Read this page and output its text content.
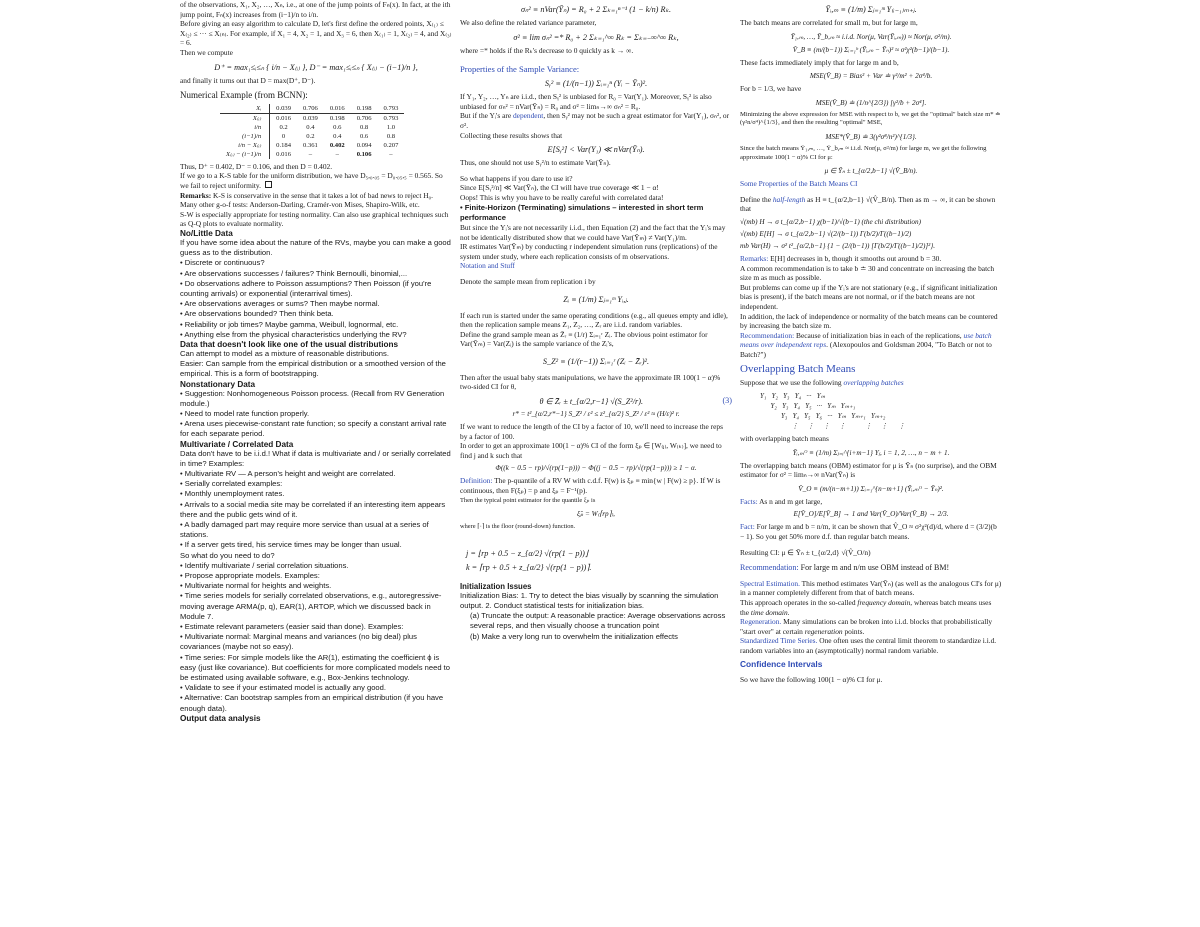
of the observations, X₁, X₂, …, Xₙ, i.e., at one of the jump points of Fₙ(x). In fact, at the ith jump point, Fₙ(x) increases from (i−1)/n to i/n.

Before giving an easy algorithm to calculate D, let's first define the ordered points, X₍₁₎ ≤ X₍₂₎ ≤ ··· ≤ X₍ₙ₎. For example, if X₁ = 4, X₂ = 1, and X₃ = 6, then X₍₁₎ = 1, X₍₂₎ = 4, and X₍₃₎ = 6.

Then we compute

D⁺ = max₁≤ᵢ≤ₙ { i/n − X₍ᵢ₎ }, D⁻ = max₁≤ᵢ≤ₙ { X₍ᵢ₎ − (i−1)/n },

and finally it turns out that D = max(D⁺, D⁻).

Numerical Example (from BCNN):

Xᵢ	0.039	0.706	0.016	0.198	0.793
X₍ᵢ₎	0.016	0.039	0.198	0.706	0.793
i/n	0.2	0.4	0.6	0.8	1.0
(i−1)/n	0	0.2	0.4	0.6	0.8
i/n − X₍ᵢ₎	0.184	0.361	0.402	0.094	0.207
X₍ᵢ₎ − (i−1)/n	0.016	–	–	0.106	–

Thus, D⁺ = 0.402, D⁻ = 0.106, and then D = 0.402.

If we go to a K-S table for the uniform distribution, we have D₅,₀.₀₅ = D₀.₀₅,₅ = 0.565. So we fail to reject uniformity.

Remarks: K-S is conservative in the sense that it takes a lot of bad news to reject H₀.

Many other g-o-f tests: Anderson-Darling, Cramér-von Mises, Shapiro-Wilk, etc.

S-W is especially appropriate for testing normality. Can also use graphical techniques such as Q-Q plots to evaluate normality.

No/Little Data

If you have some idea about the nature of the RVs, maybe you can make a good guess as to the distribution.

• Discrete or continuous?

• Are observations successes / failures? Think Bernoulli, binomial,...

• Do observations adhere to Poisson assumptions? Then Poisson (if you're counting arrivals) or exponential (interarrival times).

• Are observations averages or sums? Then maybe normal.

• Are observations bounded? Then think beta.

• Reliability or job times? Maybe gamma, Weibull, lognormal, etc.

• Anything else from the physical characteristics underlying the RV?

Data that doesn't look like one of the usual distributions

Can attempt to model as a mixture of reasonable distributions.

Easier: Can sample from the empirical distribution or a smoothed version of the empirical. This is a form of bootstrapping.

Nonstationary Data

• Suggestion: Nonhomogeneous Poisson process. (Recall from RV Generation module.)

• Need to model rate function properly.

• Arena uses piecewise-constant rate function; so specify a constant arrival rate for each separate period.

Multivariate / Correlated Data

Data don't have to be i.i.d.! What if data is multivariate and / or serially correlated in time? Examples:

• Multivariate RV — A person's height and weight are correlated.

• Serially correlated examples:

• Monthly unemployment rates.

• Arrivals to a social media site may be correlated if an interesting item appears there and the public gets wind of it.

• A badly damaged part may require more service than usual at a series of stations.

• If a server gets tired, his service times may be longer than usual.

So what do you need to do?

• Identify multivariate / serial correlation situations.

• Propose appropriate models. Examples:

• Multivariate normal for heights and weights.

• Time series models for serially correlated observations, e.g., autoregressive-moving average ARMA(p, q), EAR(1), ARTOP, which we discussed back in Module 7.

• Estimate relevant parameters (easier said than done). Examples:

• Multivariate normal: Marginal means and variances (no big deal) plus covariances (maybe not so easy).

• Time series: For simple models like the AR(1), estimating the coefficient ϕ is easy (just like covariance). But coefficients for more complicated models need to be estimated using available software, e.g., Box-Jenkins technology.

• Validate to see if your estimated model is actually any good.

• Alternative: Can bootstrap samples from an empirical distribution (if you have enough data).

Output data analysis

σₙ² ≡ nVar(Ȳₙ) = R₀ + 2 Σₖ₌₁ⁿ⁻¹ (1 − k/n) Rₖ.

We also define the related variance parameter,

σ² ≡ lim σₙ² =* R₀ + 2 Σₖ₌₁^∞ Rₖ = Σₖ₌₋∞^∞ Rₖ,

where =* holds if the Rₖ's decrease to 0 quickly as k → ∞.

Properties of the Sample Variance:

Sᵧ² ≡ (1/(n−1)) Σᵢ₌₁ⁿ (Yᵢ − Ȳₙ)².

If Y₁, Y₂, …, Yₙ are i.i.d., then Sᵧ² is unbiased for R₀ = Var(Y₁). Moreover, Sᵧ² is also unbiased for σₙ² = nVar(Ȳₙ) = R₀ and σ² = limₙ→∞ σₙ² = R₀.

But if the Yᵢ's are dependent, then Sᵧ² may not be such a great estimator for Var(Y₁), σₙ², or σ².

Collecting these results shows that

E[Sᵧ²] < Var(Y₁) ≪ nVar(Ȳₙ).

Thus, one should not use Sᵧ²/n to estimate Var(Ȳₙ).

So what happens if you dare to use it?

Since E[Sᵧ²/n] ≪ Var(Ȳₙ), the CI will have true coverage ≪ 1 − α!

Oops! This is why you have to be really careful with correlated data!

• Finite-Horizon (Terminating) simulations – interested in short term performance

But since the Yᵢ's are not necessarily i.i.d., then Equation (2) and the fact that the Yᵢ's may not be identically distributed show that we could have Var(Ȳₘ) ≠ Var(Y₁)/m.

IR estimates Var(Ȳₘ) by conducting r independent simulation runs (replications) of the system under study, where each replication consists of m observations.

Notation and Stuff

Denote the sample mean from replication i by

Zᵢ ≡ (1/m) Σⱼ₌₁ᵐ Yᵢ,ⱼ.

If each run is started under the same operating conditions (e.g., all queues empty and idle), then the replication sample means Z₁, Z₂, …, Zᵣ are i.i.d. random variables.

Define the grand sample mean as Z̄ᵣ ≡ (1/r) Σᵢ₌₁ʳ Zᵢ. The obvious point estimator for Var(Ȳₘ) = Var(Zᵢ) is the sample variance of the Zᵢ's,

S_Z² ≡ (1/(r−1)) Σᵢ₌₁ʳ (Zᵢ − Z̄ᵣ)².

Then after the usual baby stats manipulations, we have the approximate IR 100(1 − α)% two-sided CI for θ,

θ ∈ Z̄ᵣ ± t_{α/2,r−1} √(S_Z²/r).	(3)
r* = t²_{α/2,r*−1} S_Z² / ε² ≤ z²_{α/2} S_Z² / ε² ≈ (H/ε)² r.

If we want to reduce the length of the CI by a factor of 10, we'll need to increase the reps by a factor of 100.

In order to get an approximate 100(1 − α)% CI of the form ξₚ ∈ [W₍ⱼ₎, W₍ₖ₎], we need to find j and k such that

Φ((k − 0.5 − rp)/√(rp(1−p))) − Φ((j − 0.5 − rp)/√(rp(1−p))) ≥ 1 − α.

Definition: The p-quantile of a RV W with c.d.f. F(w) is ξₚ ≡ min{w | F(w) ≥ p}. If W is continuous, then F(ξₚ) = p and ξₚ = F⁻¹(p).

Then the typical point estimator for the quantile ξₚ is

ξ̂ₚ = W₍⌈rp⌉₎,

where ⌈·⌉ is the floor (round-down) function.

j = ⌊rp + 0.5 − z_{α/2} √(rp(1 − p))⌋
k = ⌈rp + 0.5 + z_{α/2} √(rp(1 − p))⌉.

Initialization Issues

Initialization Bias: 1. Try to detect the bias visually by scanning the simulation output. 2. Conduct statistical tests for initialization bias.

(a) Truncate the output: A reasonable practice: Average observations across several reps, and then visually choose a truncation point

(b) Make a very long run to overwhelm the initialization effects

Ȳᵢ,ₘ ≡ (1/m) Σⱼ₌₁ᵐ Y₍ᵢ₋₁₎ₘ₊ⱼ.

The batch means are correlated for small m, but for large m,

Ȳ₁,ₘ, …, Ȳ_b,ₘ ≈ i.i.d. Nor(μ, Var(Ȳᵢ,ₘ)) ≈ Nor(μ, σ²/m).
V̂_B ≡ (m/(b−1)) Σᵢ₌₁ᵇ (Ȳᵢ,ₘ − Ȳₙ)² ≈ σ²χ²(b−1)/(b−1).

These facts immediately imply that for large m and b,

MSE(V̂_B) = Bias² + Var ≐ γ²/m² + 2σ⁴/b.

For b = 1/3, we have

MSE(V̂_B) ≐ (1/n^{2/3}) [γ²/b + 2σ⁴].

Minimizing the above expression for MSE with respect to b, we get the "optimal" batch size m* ≐ (γ²n/σ⁴)^{1/3}, and then the resulting "optimal" MSE,

MSE*(V̂_B) ≐ 3(γ²σ⁸/n²)^{1/3}.

Since the batch means Ȳ₁,ₘ, …, Ȳ_b,ₘ ≈ i.i.d. Nor(μ, σ²/m) for large m, we get the following approximate 100(1 − α)% CI for μ:

μ ∈ Ȳₙ ± t_{α/2,b−1} √(V̂_B/n).

Some Properties of the Batch Means CI

Define the half-length as H ≡ t_{α/2,b−1} √(V̂_B/n). Then as m → ∞, it can be shown that

√(mb) H → σ t_{α/2,b−1} χ(b−1)/√(b−1) (the chi distribution)
√(mb) E[H] → σ t_{α/2,b−1} √(2/(b−1)) Γ(b/2)/Γ((b−1)/2)
mb Var(H) → σ² t²_{α/2,b−1} {1 − (2/(b−1)) [Γ(b/2)/Γ((b−1)/2)]²}.

Remarks: E[H] decreases in b, though it smooths out around b = 30.

A common recommendation is to take b ≐ 30 and concentrate on increasing the batch size m as much as possible.

But problems can come up if the Yᵢ's are not stationary (e.g., if significant initialization bias is present), if the batch means are not normal, or if the batch means are not independent.

In addition, the lack of independence or normality of the batch means can be countered by increasing the batch size m.

Recommendation: Because of initialization bias in each of the replications, use batch means over independent reps. (Alexopoulos and Goldsman 2004, "To Batch or not to Batch?")

Overlapping Batch Means

Suppose that we use the following overlapping batches

Y₁   Y₂   Y₃   Y₄   ···   Yₘ
Y₂   Y₃   Y₄   Y₅   ···   Yₘ   Yₘ₊₁
Y₃   Y₄   Y₅   Y₆   ···   Yₘ   Yₘ₊₁   Yₘ₊₂
⋮     ⋮     ⋮     ⋮           ⋮     ⋮      ⋮

with overlapping batch means

Ȳᵢ,ₘᴼ ≡ (1/m) Σⱼ₌ᵢ^{i+m−1} Yⱼ, i = 1, 2, …, n − m + 1.

The overlapping batch means (OBM) estimator for μ is Ȳₙ (no surprise), and the OBM estimator for σ² = limₙ→∞ nVar(Ȳₙ) is

V̂_O ≡ (m/(n−m+1)) Σᵢ₌₁^{n−m+1} (Ȳᵢ,ₘᴼ − Ȳₙ)².

Facts: As n and m get large,

E[V̂_O]/E[V̂_B] → 1 and Var(V̂_O)/Var(V̂_B) → 2/3.

Fact: For large m and b = n/m, it can be shown that V̂_O ≈ σ²χ²(d)/d, where d = (3/2)(b − 1). So you get 50% more d.f. than regular batch means.

Resulting CI: μ ∈ Ȳₙ ± t_{α/2,d} √(V̂_O/n)

Recommendation: For large m and n/m use OBM instead of BM!

Spectral Estimation. This method estimates Var(Ȳₙ) (as well as the analogous CI's for μ) in a manner completely different from that of batch means.

This approach operates in the so-called frequency domain, whereas batch means uses the time domain.

Regeneration. Many simulations can be broken into i.i.d. blocks that probabilistically "start over" at certain regeneration points.

Standardized Time Series. One often uses the central limit theorem to standardize i.i.d. random variables into an (asymptotically) normal random variable.

Confidence Intervals

So we have the following 100(1 − α)% CI for μ.
